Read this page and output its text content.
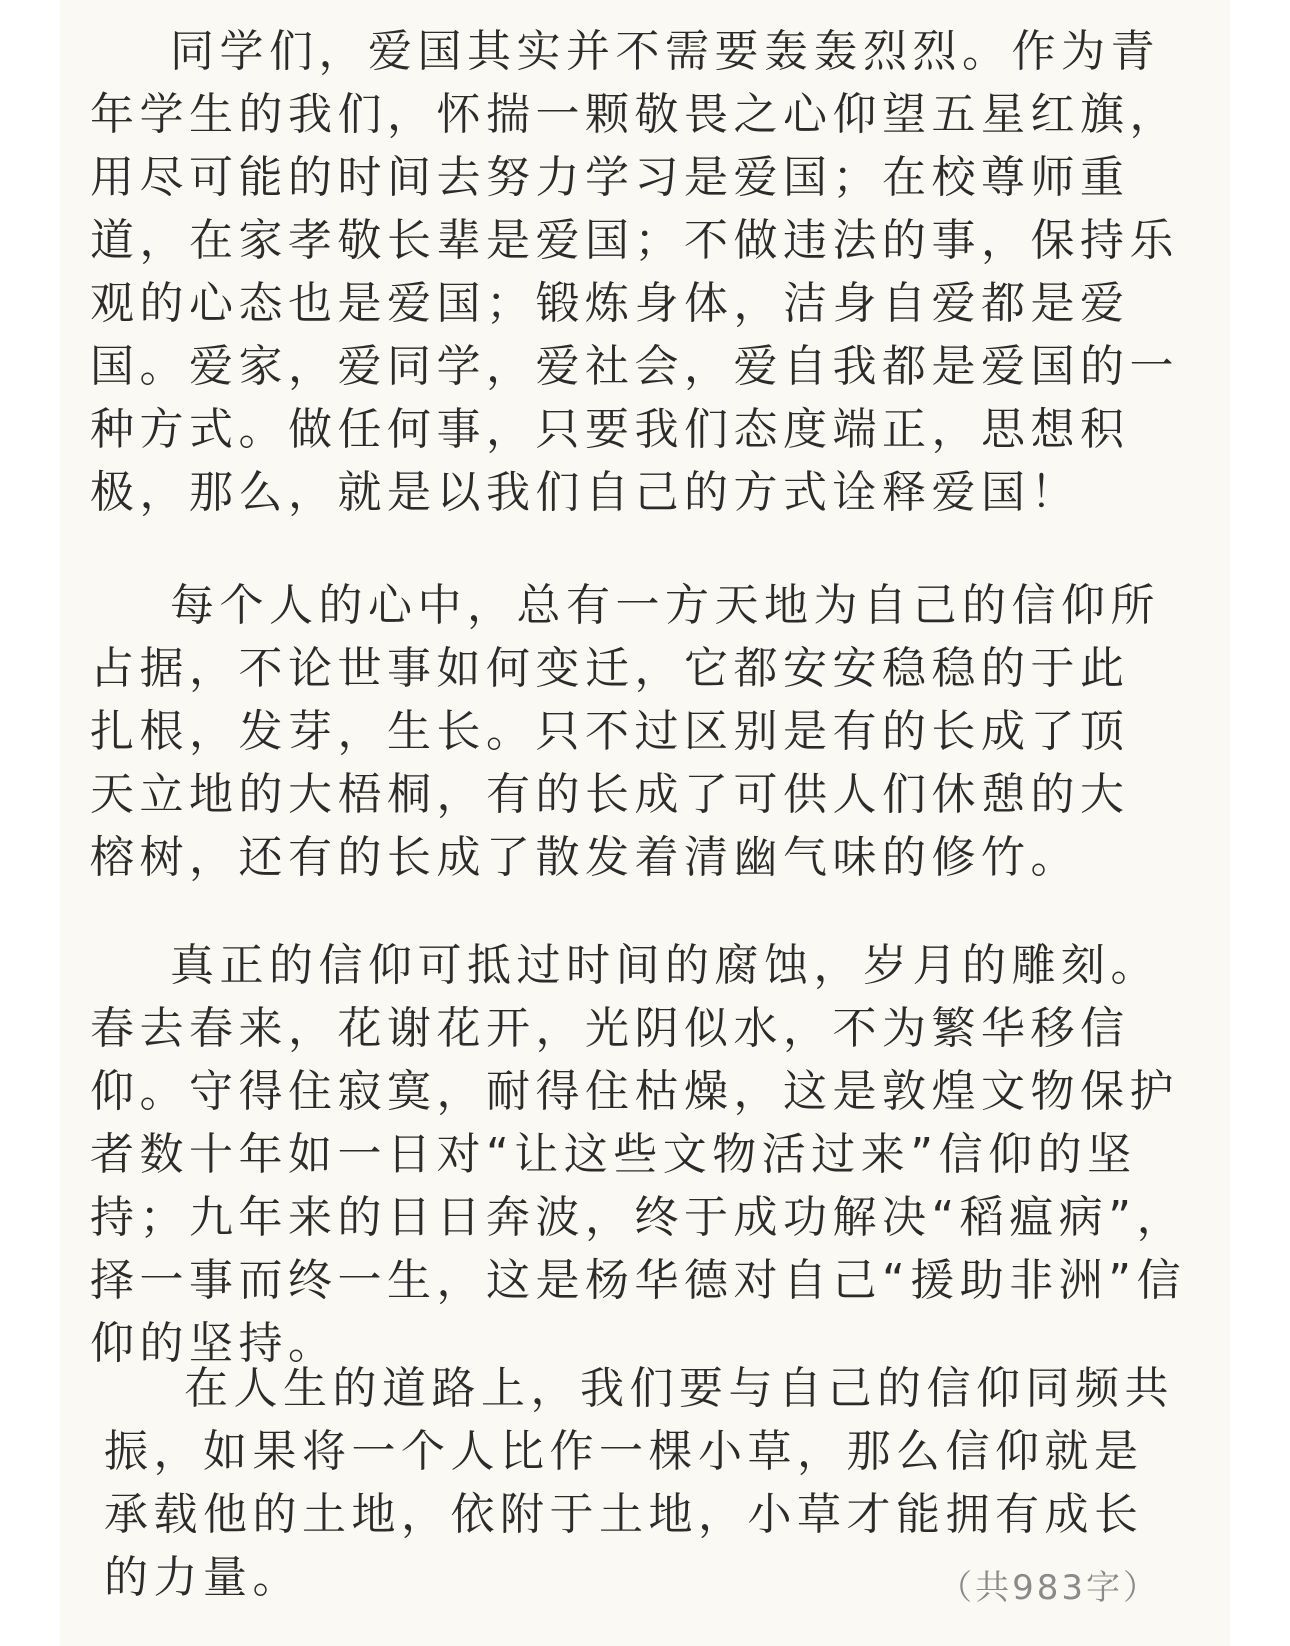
同学们，爱国其实并不需要轰轰烈烈。作为青年学生的我们，怀揣一颗敬畏之心仰望五星红旗，用尽可能的时间去努力学习是爱国；在校尊师重道，在家孝敬长辈是爱国；不做违法的事，保持乐观的心态也是爱国；锻炼身体，洁身自爱都是爱国。爱家，爱同学，爱社会，爱自我都是爱国的一种方式。做任何事，只要我们态度端正，思想积极，那么，就是以我们自己的方式诠释爱国！

每个人的心中，总有一方天地为自己的信仰所占据，不论世事如何变迁，它都安安稳稳的于此扎根，发芽，生长。只不过区别是有的长成了顶天立地的大梧桐，有的长成了可供人们休憩的大榕树，还有的长成了散发着清幽气味的修竹。

真正的信仰可抵过时间的腐蚀，岁月的雕刻。春去春来，花谢花开，光阴似水，不为繁华移信仰。守得住寂寞，耐得住枯燥，这是敦煌文物保护者数十年如一日对“让这些文物活过来”信仰的坚持；九年来的日日奔波，终于成功解决“稻瘟病”，择一事而终一生，这是杨华德对自己“援助非洲”信仰的坚持。

在人生的道路上，我们要与自己的信仰同频共振，如果将一个人比作一棵小草，那么信仰就是承载他的土地，依附于土地，小草才能拥有成长的力量。	（共983字）
